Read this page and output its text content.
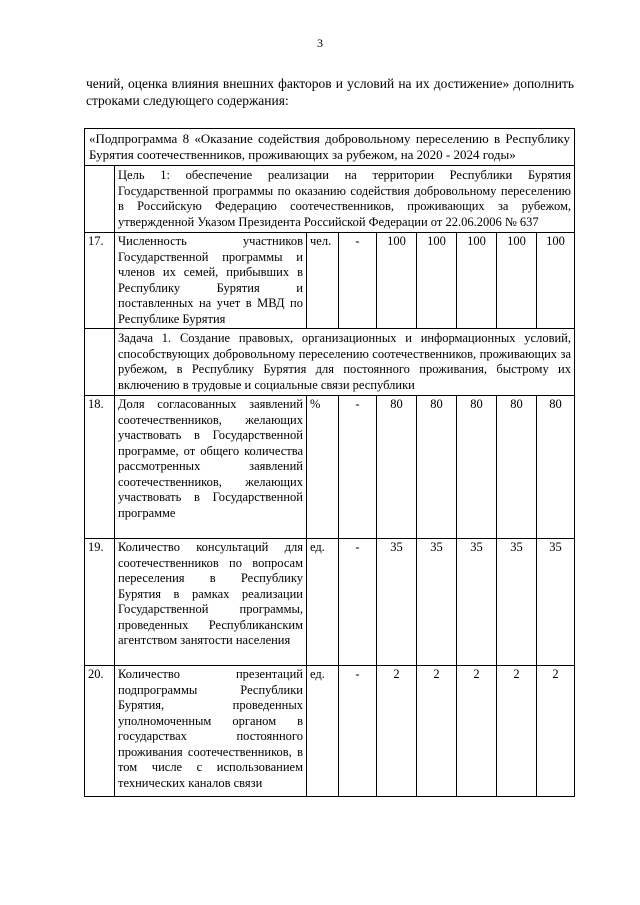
3
чений, оценка влияния внешних факторов и условий на их достижение» дополнить строками следующего содержания:
«Подпрограмма 8 «Оказание содействия добровольному переселению в Республику Бурятия соотечественников, проживающих за рубежом, на 2020 - 2024 годы»								
	Цель 1: обеспечение реализации на территории Республики Бурятия Государственной программы по оказанию содействия добровольному переселению в Российскую Федерацию соотечественников, проживающих за рубежом, утвержденной Указом Президента Российской Федерации от 22.06.2006 № 637							
17.	Численность участников Государственной программы и членов их семей, прибывших в Республику Бурятия и поставленных на учет в МВД по Республике Бурятия	чел.	-	100	100	100	100	100
	Задача 1. Создание правовых, организационных и информационных условий, способствующих добровольному переселению соотечественников, проживающих за рубежом, в Республику Бурятия для постоянного проживания, быстрому их включению в трудовые и социальные связи республики							
18.	Доля согласованных заявлений соотечественников, желающих участвовать в Государственной программе, от общего количества рассмотренных заявлений соотечественников, желающих участвовать в Государственной программе	%	-	80	80	80	80	80
19.	Количество консультаций для соотечественников по вопросам переселения в Республику Бурятия в рамках реализации Государственной программы, проведенных Республиканским агентством занятости населения	ед.	-	35	35	35	35	35
20.	Количество презентаций подпрограммы Республики Бурятия, проведенных уполномоченным органом в государствах постоянного проживания соотечественников, в том числе с использованием технических каналов связи	ед.	-	2	2	2	2	2
